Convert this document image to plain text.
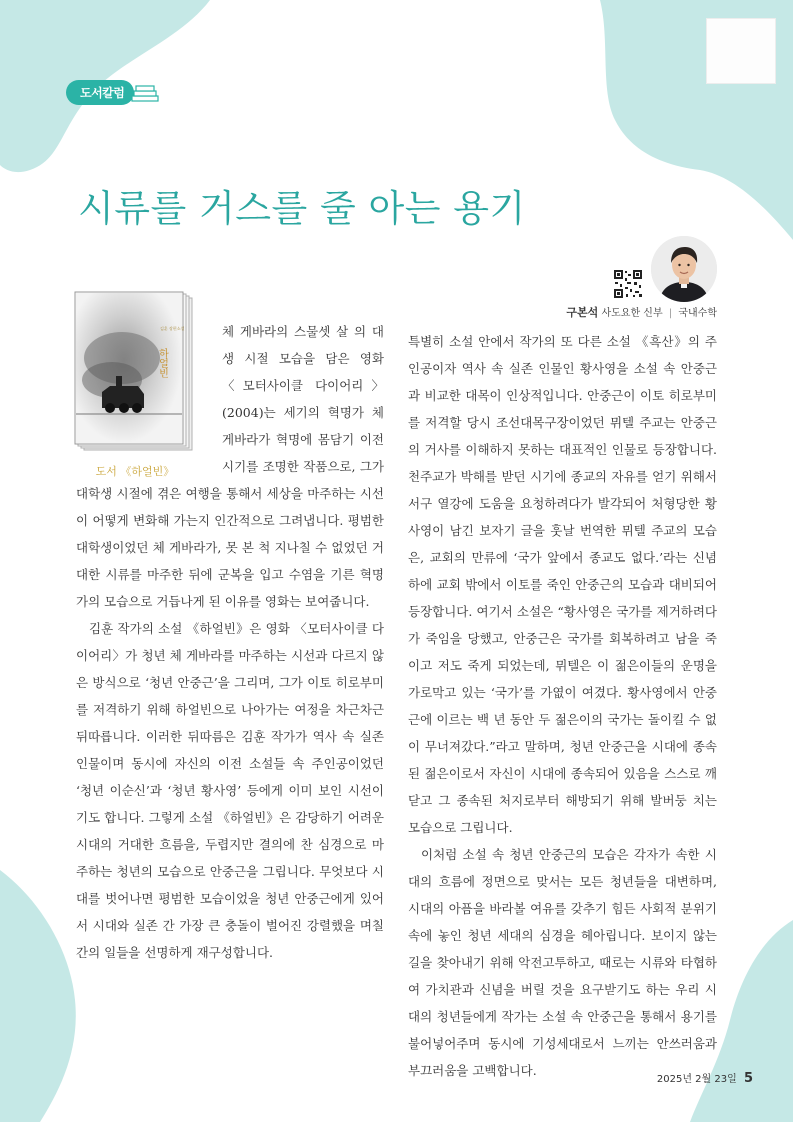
도서칼럼
시류를 거스를 줄 아는 용기
구본석 사도요한 신부 | 국내수학
김훈 장편소설
하얼빈
도서 《하얼빈》

체 게바라의 스물셋 살 의 대생 시절 모습을 담은 영화 〈모터사이클 다이어리〉(2004)는 세기의 혁명가 체 게바라가 혁명에 몸담기 이전 시기를 조명한 작품으로, 그가 대학생 시절에 겪은 여행을 통해서 세상을 마주하는 시선이 어떻게 변화해 가는지 인간적으로 그려냅니다. 평범한 대학생이었던 체 게바라가, 못 본 척 지나칠 수 없었던 거대한 시류를 마주한 뒤에 군복을 입고 수염을 기른 혁명가의 모습으로 거듭나게 된 이유를 영화는 보여줍니다.

김훈 작가의 소설 《하얼빈》은 영화 〈모터사이클 다이어리〉가 청년 체 게바라를 마주하는 시선과 다르지 않은 방식으로 ‘청년 안중근’을 그리며, 그가 이토 히로부미를 저격하기 위해 하얼빈으로 나아가는 여정을 차근차근 뒤따릅니다. 이러한 뒤따름은 김훈 작가가 역사 속 실존 인물이며 동시에 자신의 이전 소설들 속 주인공이었던 ‘청년 이순신’과 ‘청년 황사영’ 등에게 이미 보인 시선이기도 합니다. 그렇게 소설 《하얼빈》은 감당하기 어려운 시대의 거대한 흐름을, 두렵지만 결의에 찬 심경으로 마주하는 청년의 모습으로 안중근을 그립니다. 무엇보다 시대를 벗어나면 평범한 모습이었을 청년 안중근에게 있어서 시대와 실존 간 가장 큰 충돌이 벌어진 강렬했을 며칠간의 일들을 선명하게 재구성합니다.

특별히 소설 안에서 작가의 또 다른 소설 《흑산》의 주인공이자 역사 속 실존 인물인 황사영을 소설 속 안중근과 비교한 대목이 인상적입니다. 안중근이 이토 히로부미를 저격할 당시 조선대목구장이었던 뮈텔 주교는 안중근의 거사를 이해하지 못하는 대표적인 인물로 등장합니다. 천주교가 박해를 받던 시기에 종교의 자유를 얻기 위해서 서구 열강에 도움을 요청하려다가 발각되어 처형당한 황사영이 남긴 보자기 글을 훗날 번역한 뮈텔 주교의 모습은, 교회의 만류에 ‘국가 앞에서 종교도 없다.’라는 신념하에 교회 밖에서 이토를 죽인 안중근의 모습과 대비되어 등장합니다. 여기서 소설은 “황사영은 국가를 제거하려다가 죽임을 당했고, 안중근은 국가를 회복하려고 남을 죽이고 저도 죽게 되었는데, 뮈텔은 이 젊은이들의 운명을 가로막고 있는 ‘국가’를 가엾이 여겼다. 황사영에서 안중근에 이르는 백 년 동안 두 젊은이의 국가는 돌이킬 수 없이 무너져갔다.”라고 말하며, 청년 안중근을 시대에 종속된 젊은이로서 자신이 시대에 종속되어 있음을 스스로 깨닫고 그 종속된 처지로부터 해방되기 위해 발버둥 치는 모습으로 그립니다.

이처럼 소설 속 청년 안중근의 모습은 각자가 속한 시대의 흐름에 정면으로 맞서는 모든 청년들을 대변하며, 시대의 아픔을 바라볼 여유를 갖추기 힘든 사회적 분위기 속에 놓인 청년 세대의 심경을 헤아립니다. 보이지 않는 길을 찾아내기 위해 악전고투하고, 때로는 시류와 타협하여 가치관과 신념을 버릴 것을 요구받기도 하는 우리 시대의 청년들에게 작가는 소설 속 안중근을 통해서 용기를 불어넣어주며 동시에 기성세대로서 느끼는 안쓰러움과 부끄러움을 고백합니다.

2025년 2월 23일 5
